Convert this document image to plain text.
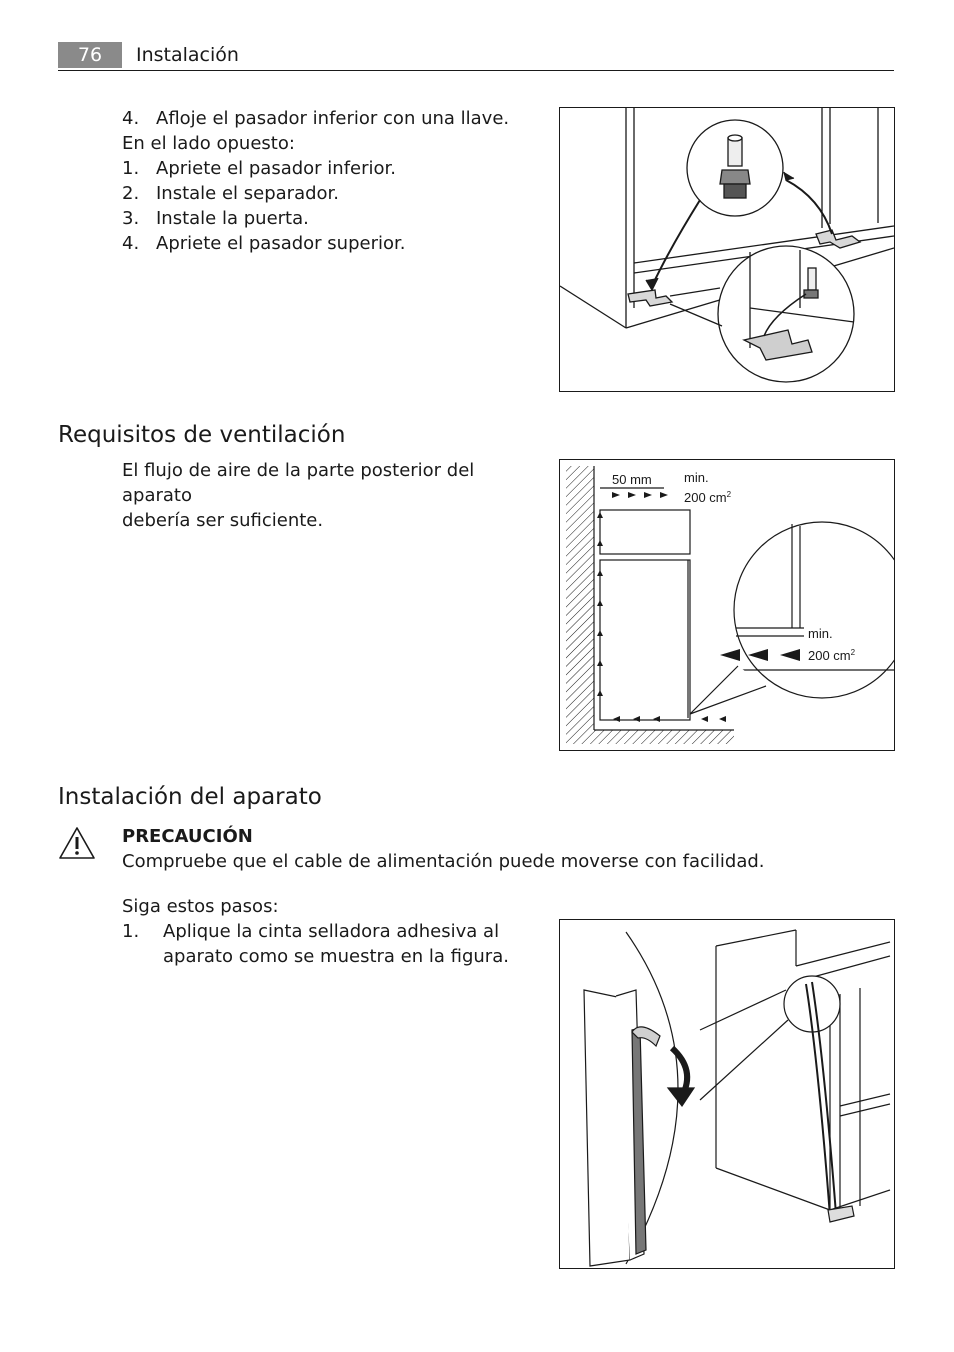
76	Instalación
4. Afloje el pasador inferior con una llave.
En el lado opuesto:
1. Apriete el pasador inferior.
2. Instale el separador.
3. Instale la puerta.
4. Apriete el pasador superior.
Requisitos de ventilación
El flujo de aire de la parte posterior del aparato
debería ser suficiente.
50 mm min.
200 $cm^2$
min.
200 $cm^2$
Instalación del aparato
PRECAUCIÓN
Compruebe que el cable de alimentación puede moverse con facilidad.
Siga estos pasos:
1.	Aplique la cinta selladora adhesiva al
aparato como se muestra en la figura.
